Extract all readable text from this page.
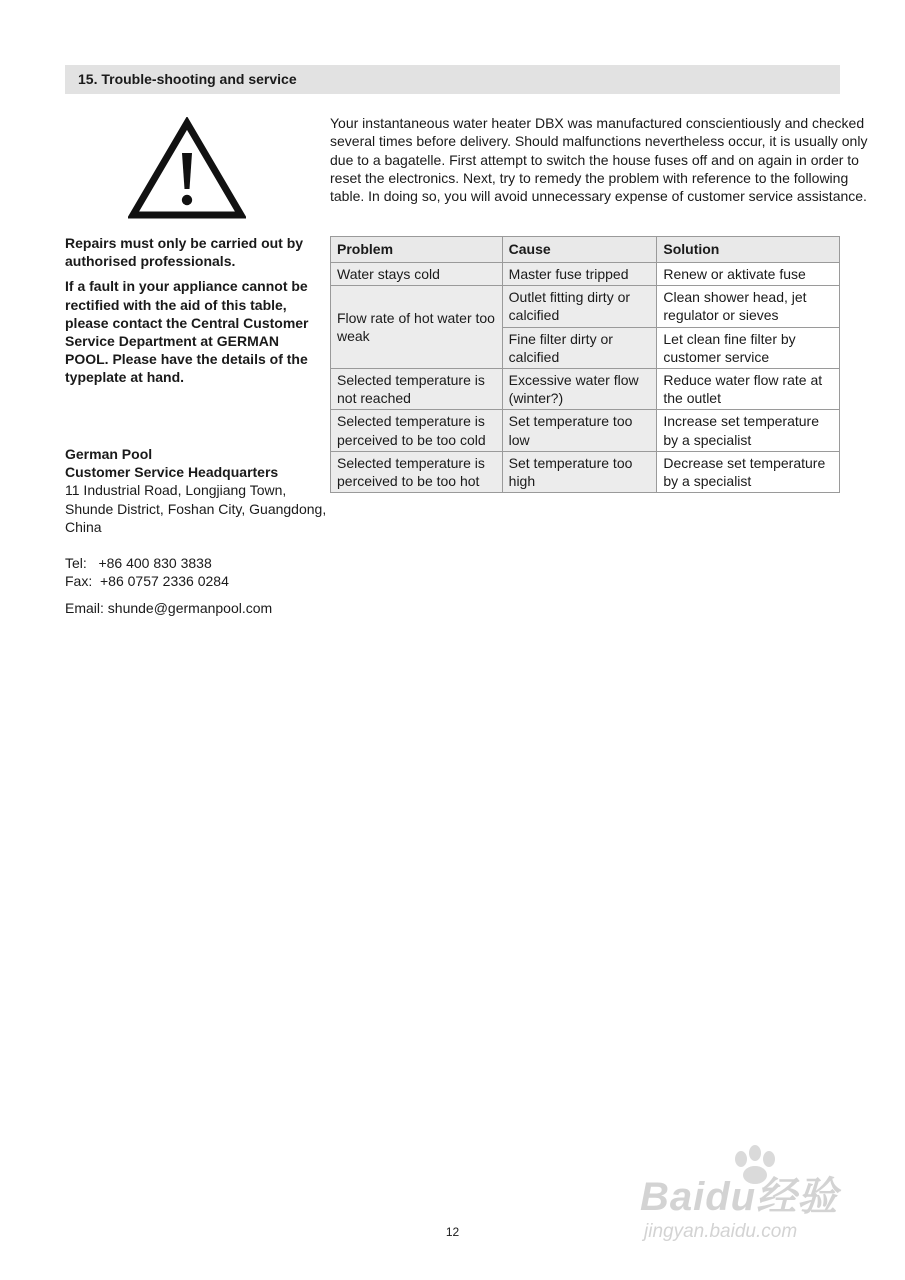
15. Trouble-shooting and service

Repairs must only be carried out by authorised professionals.

If a fault in your appliance cannot be rectified with the aid of this table, please contact the Central Customer Service Department at GERMAN POOL. Please have the details of the typeplate at hand.

German Pool
Customer Service Headquarters
11 Industrial Road, Longjiang Town,
Shunde District, Foshan City, Guangdong,
China
Tel:   +86 400 830 3838
Fax:  +86 0757 2336 0284
Email: shunde@germanpool.com
Your instantaneous water heater DBX was manufactured conscientiously and checked
several times before delivery. Should malfunctions nevertheless occur, it is usually only
due to a bagatelle. First attempt to switch the house fuses off and on again in order to
reset the electronics. Next, try to remedy the problem with reference to the following
table. In doing so, you will avoid unnecessary expense of customer service assistance.
Problem	Cause	Solution
Water stays cold	Master fuse tripped	Renew or aktivate fuse
Flow rate of hot water too weak	Outlet fitting dirty or calcified	Clean shower head, jet regulator or sieves
	Fine filter dirty or calcified	Let clean fine filter by customer service
Selected temperature is not reached	Excessive water flow (winter?)	Reduce water flow rate at the outlet
Selected temperature is perceived to be too cold	Set temperature too low	Increase set temperature by a specialist
Selected temperature is perceived to be too hot	Set temperature too high	Decrease set temperature by a specialist
12
Baidu经验
jingyan.baidu.com
